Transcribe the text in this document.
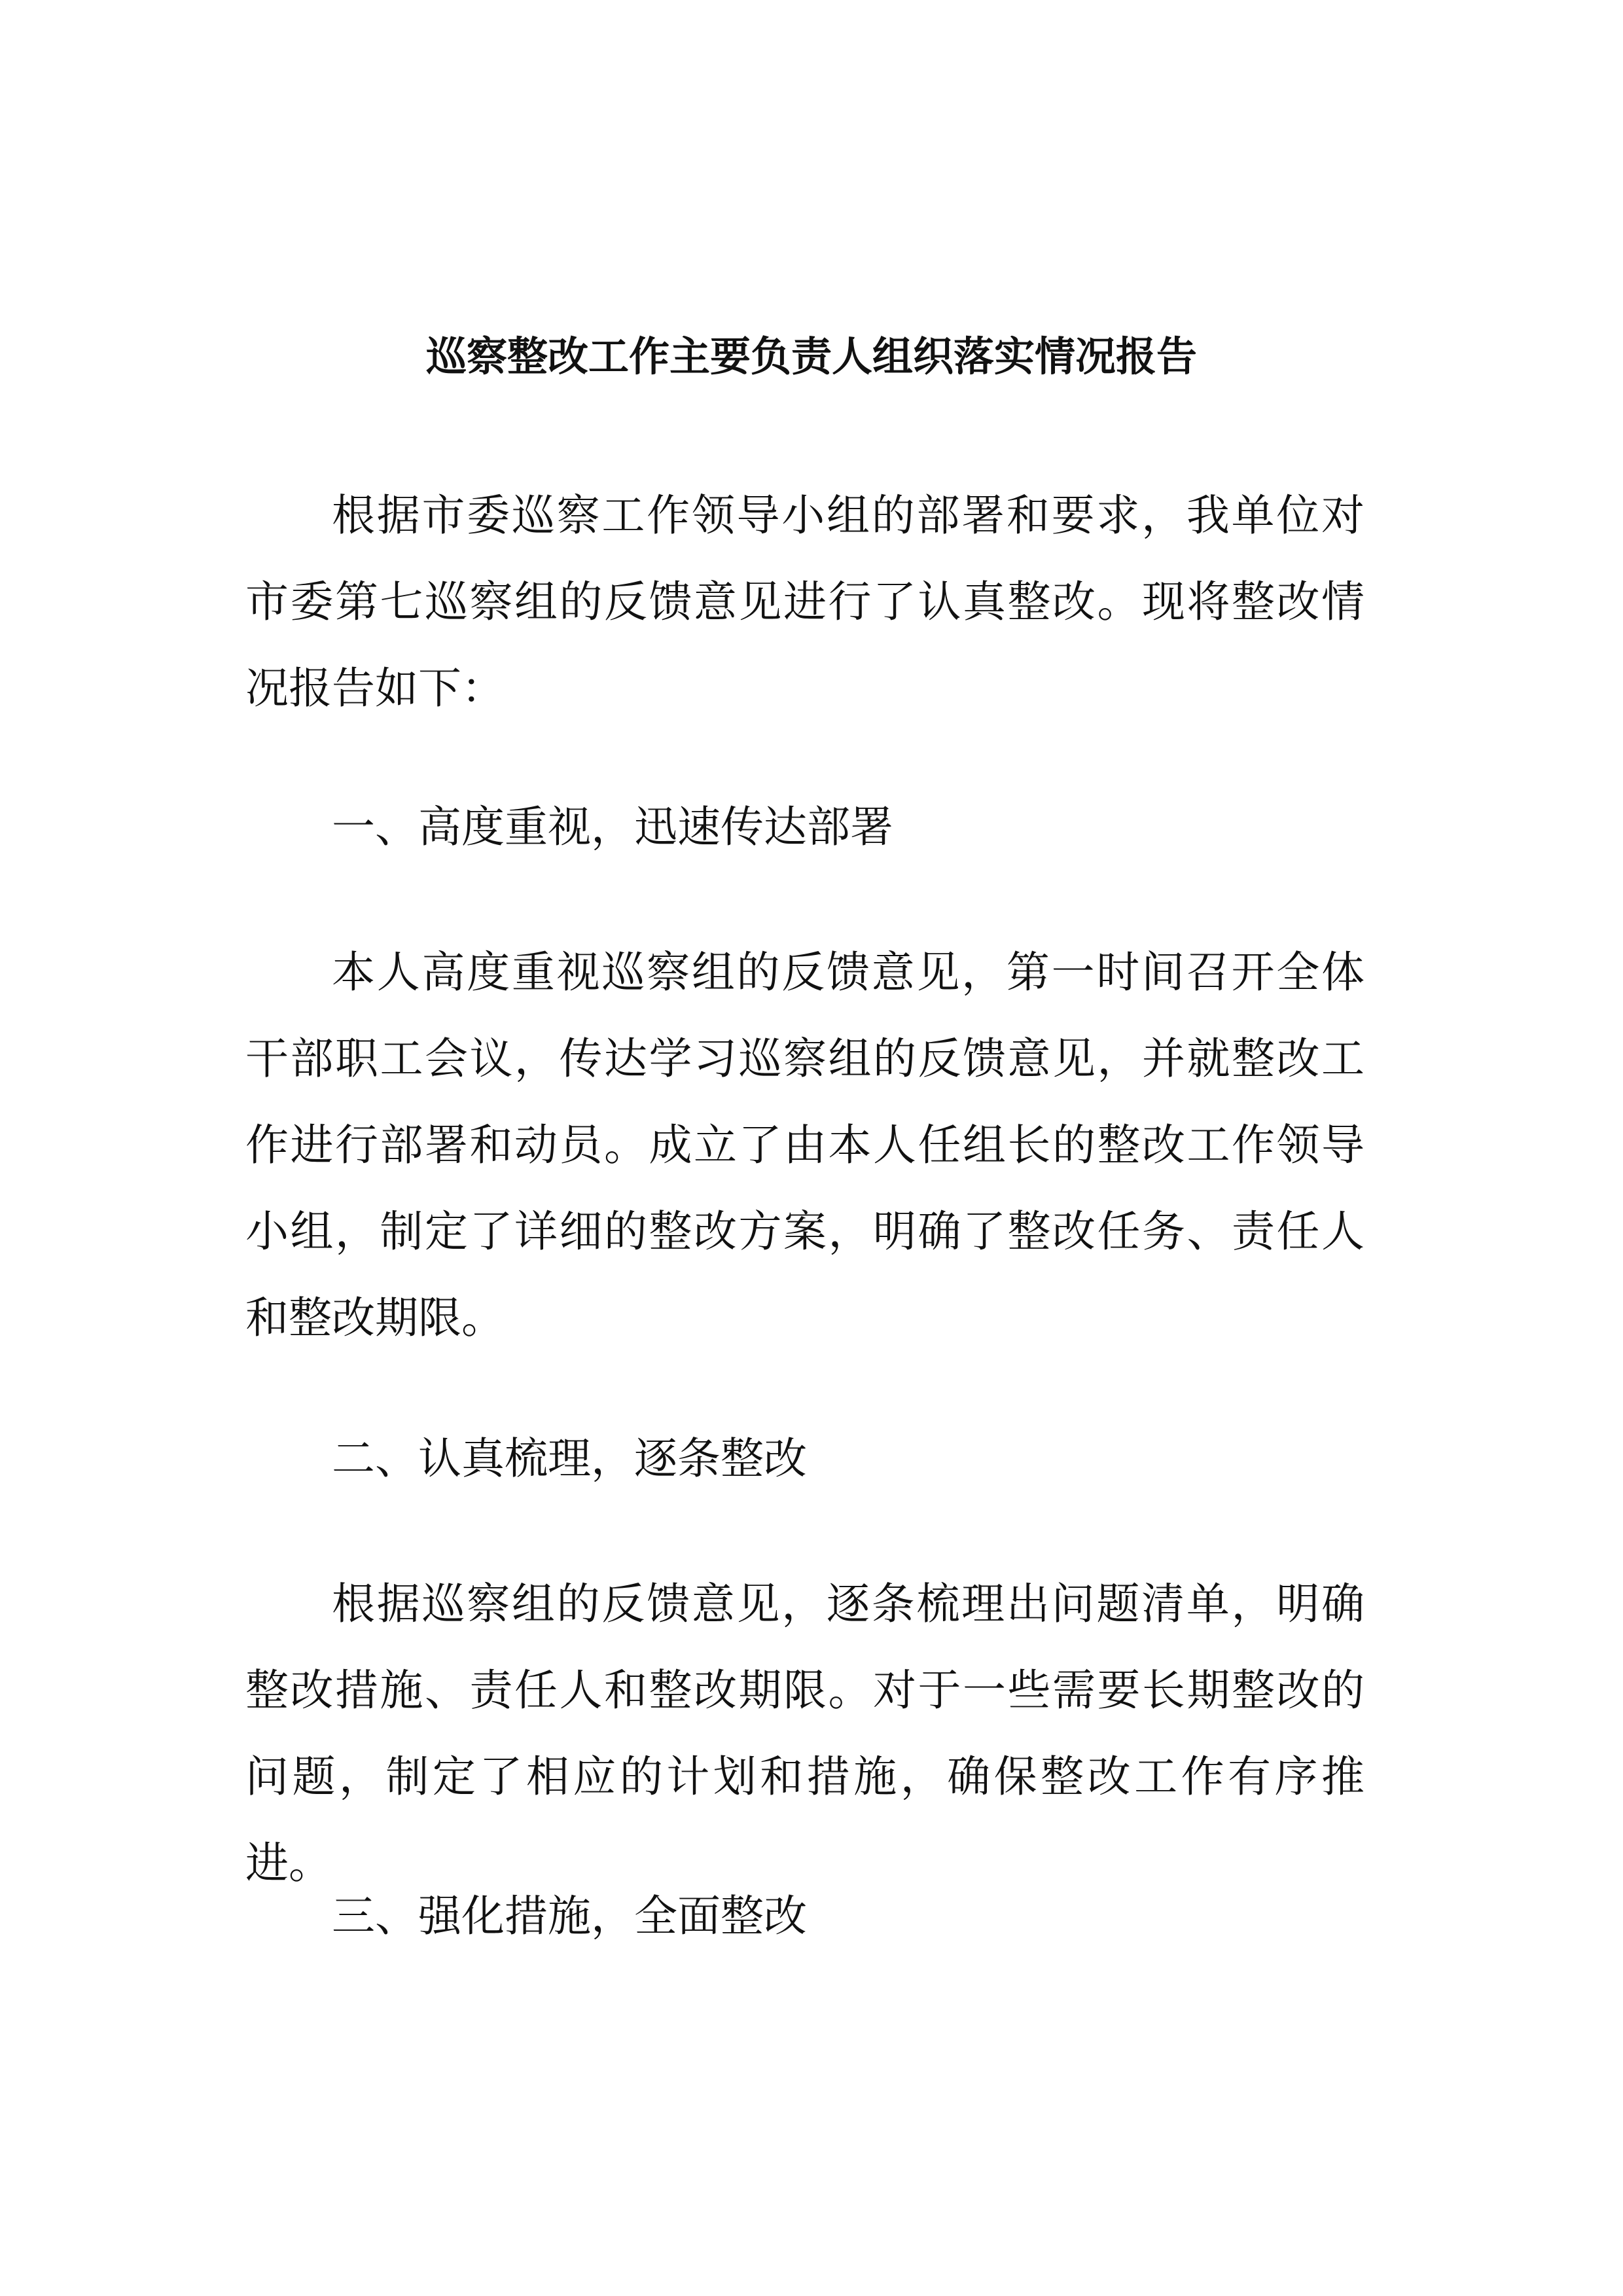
巡察整改工作主要负责人组织落实情况报告

根据市委巡察工作领导小组的部署和要求，我单位对市委第七巡察组的反馈意见进行了认真整改。现将整改情况报告如下：

一、高度重视，迅速传达部署

本人高度重视巡察组的反馈意见，第一时间召开全体干部职工会议，传达学习巡察组的反馈意见，并就整改工作进行部署和动员。成立了由本人任组长的整改工作领导小组，制定了详细的整改方案，明确了整改任务、责任人和整改期限。

二、认真梳理，逐条整改

根据巡察组的反馈意见，逐条梳理出问题清单，明确整改措施、责任人和整改期限。对于一些需要长期整改的问题，制定了相应的计划和措施，确保整改工作有序推进。

三、强化措施，全面整改
